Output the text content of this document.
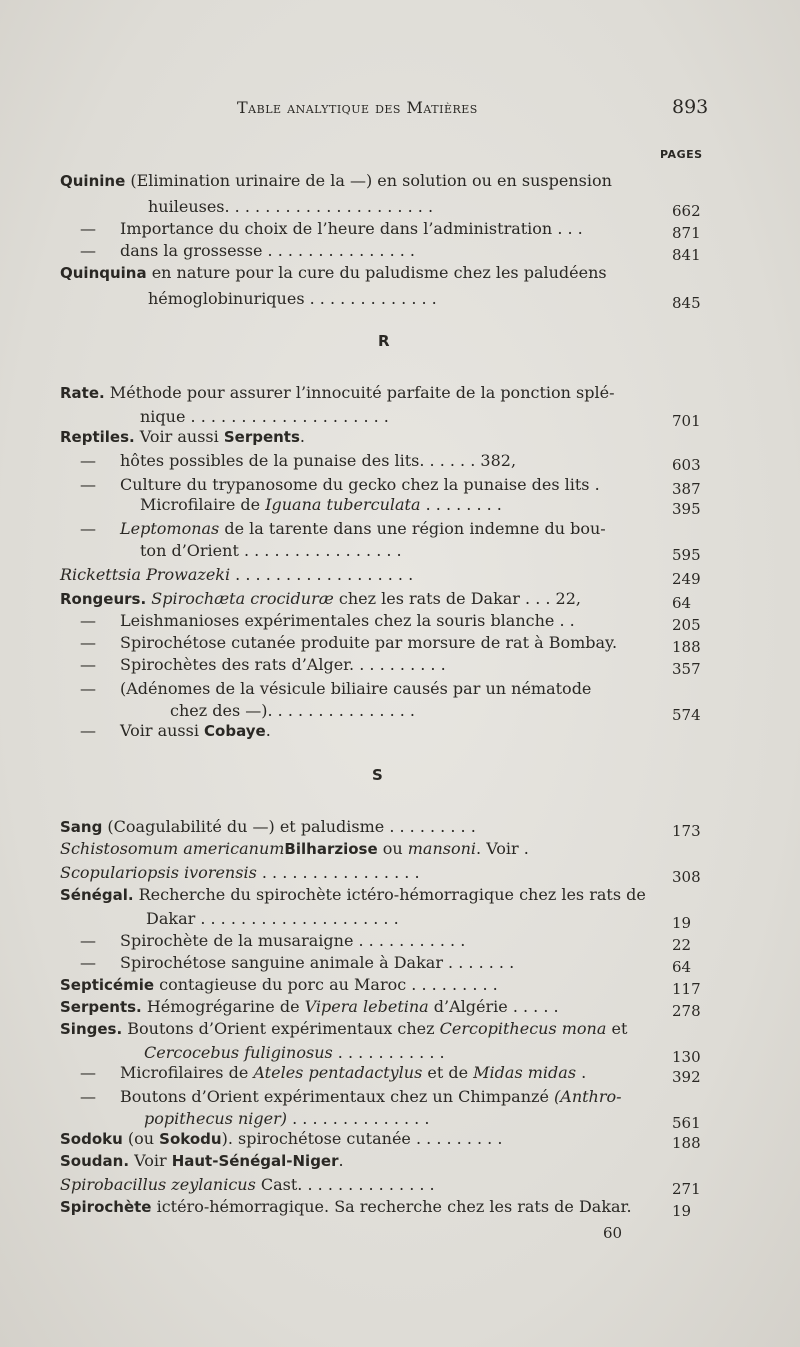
Table analytique des Matières	893
PAGES
Quinine (Elimination urinaire de la —) en solution ou en suspension
huileuses. . . . . . . . . . . . . . . . . . . . .	662
— Importance du choix de l’heure dans l’administration . . .	871
— dans la grossesse . . . . . . . . . . . . . . .	841
Quinquina en nature pour la cure du paludisme chez les paludéens
hémoglobinuriques . . . . . . . . . . . . .	845
Rate. Méthode pour assurer l’innocuité parfaite de la ponction splé-
nique . . . . . . . . . . . . . . . . . . . .	701
Reptiles. Voir aussi Serpents.
— hôtes possibles de la punaise des lits. . . . . . 382,	603
— Culture du trypanosome du gecko chez la punaise des lits .	387
Microfilaire de Iguana tuberculata . . . . . . . .	395
— Leptomonas de la tarente dans une région indemne du bou-
ton d’Orient . . . . . . . . . . . . . . . .	595
Rickettsia Prowazeki . . . . . . . . . . . . . . . . . .	249
Rongeurs. Spirochæta crociduræ chez les rats de Dakar . . . 22,	64
— Leishmanioses expérimentales chez la souris blanche . .	205
— Spirochétose cutanée produite par morsure de rat à Bombay.	188
— Spirochètes des rats d’Alger. . . . . . . . . .	357
— (Adénomes de la vésicule biliaire causés par un nématode
chez des —). . . . . . . . . . . . . . .	574
— Voir aussi Cobaye.
Sang (Coagulabilité du —) et paludisme . . . . . . . . .	173
Schistosomum americanumBilharziose ou mansoni. Voir .
Scopulariopsis ivorensis . . . . . . . . . . . . . . . .	308
Sénégal. Recherche du spirochète ictéro-hémorragique chez les rats de
Dakar . . . . . . . . . . . . . . . . . . . .	19
— Spirochète de la musaraigne . . . . . . . . . . .	22
— Spirochétose sanguine animale à Dakar . . . . . . .	64
Septicémie contagieuse du porc au Maroc . . . . . . . . .	117
Serpents. Hémogrégarine de Vipera lebetina d’Algérie . . . . .	278
Singes. Boutons d’Orient expérimentaux chez Cercopithecus mona et
Cercocebus fuliginosus . . . . . . . . . . .	130
— Microfilaires de Ateles pentadactylus et de Midas midas .	392
— Boutons d’Orient expérimentaux chez un Chimpanzé (Anthro-
popithecus niger) . . . . . . . . . . . . . .	561
Sodoku (ou Sokodu). spirochétose cutanée . . . . . . . . .	188
Soudan. Voir Haut-Sénégal-Niger.
Spirobacillus zeylanicus Cast. . . . . . . . . . . . . .	271
Spirochète ictéro-hémorragique. Sa recherche chez les rats de Dakar.	19
R
S
60
